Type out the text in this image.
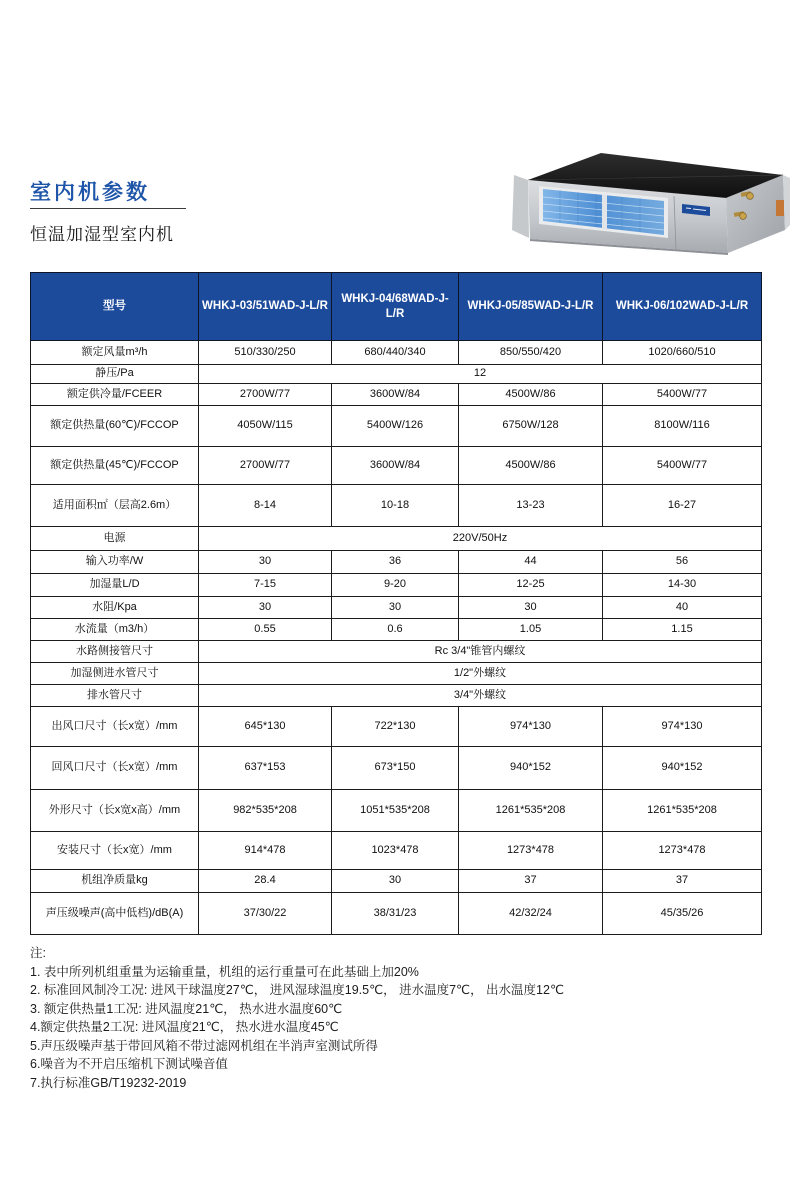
室内机参数
恒温加湿型室内机
型号	WHKJ-03/51WAD-J-L/R	WHKJ-04/68WAD-J-L/R	WHKJ-05/85WAD-J-L/R	WHKJ-06/102WAD-J-L/R
额定风量m³/h	510/330/250	680/440/340	850/550/420	1020/660/510
静压/Pa	12			
额定供冷量/FCEER	2700W/77	3600W/84	4500W/86	5400W/77
额定供热量(60℃)/FCCOP	4050W/115	5400W/126	6750W/128	8100W/116
额定供热量(45℃)/FCCOP	2700W/77	3600W/84	4500W/86	5400W/77
适用面积㎡（层高2.6m）	8-14	10-18	13-23	16-27
电源	220V/50Hz			
输入功率/W	30	36	44	56
加湿量L/D	7-15	9-20	12-25	14-30
水阻/Kpa	30	30	30	40
水流量（m3/h）	0.55	0.6	1.05	1.15
水路侧接管尺寸	Rc 3/4"锥管内螺纹			
加湿侧进水管尺寸	1/2"外螺纹			
排水管尺寸	3/4"外螺纹			
出风口尺寸（长x宽）/mm	645*130	722*130	974*130	974*130
回风口尺寸（长x宽）/mm	637*153	673*150	940*152	940*152
外形尺寸（长x宽x高）/mm	982*535*208	1051*535*208	1261*535*208	1261*535*208
安装尺寸（长x宽）/mm	914*478	1023*478	1273*478	1273*478
机组净质量kg	28.4	30	37	37
声压级噪声(高中低档)/dB(A)	37/30/22	38/31/23	42/32/24	45/35/26
注:
1. 表中所列机组重量为运输重量，机组的运行重量可在此基础上加20%
2. 标准回风制冷工况: 进风干球温度27℃， 进风湿球温度19.5℃， 进水温度7℃， 出水温度12℃
3. 额定供热量1工况: 进风温度21℃， 热水进水温度60℃
4.额定供热量2工况: 进风温度21℃， 热水进水温度45℃
5.声压级噪声基于带回风箱不带过滤网机组在半消声室测试所得
6.噪音为不开启压缩机下测试噪音值
7.执行标准GB/T19232-2019
